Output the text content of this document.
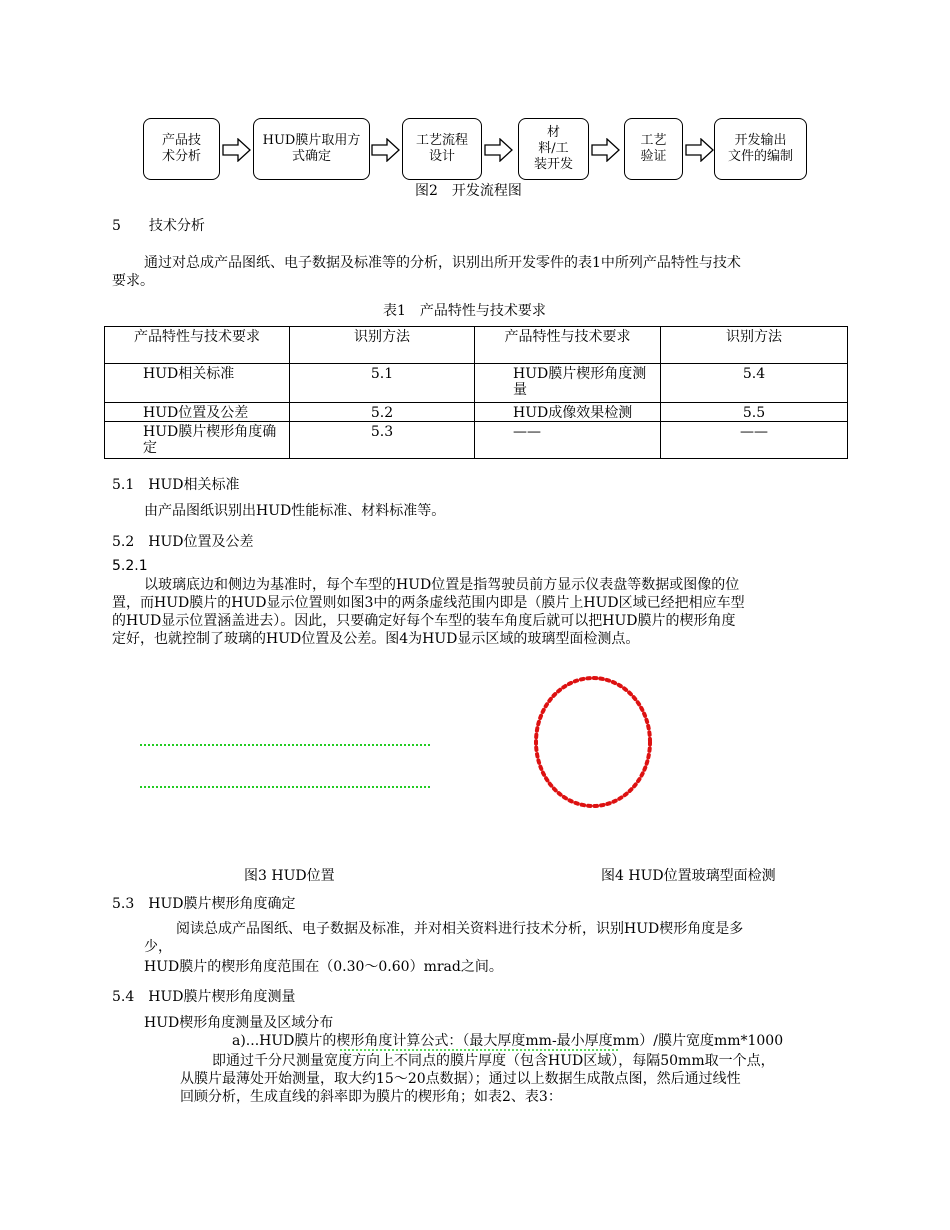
产品技
术分析
HUD膜片取用方
式确定
工艺流程
设计
材
料/工
装开发
工艺
验证
开发输出
文件的编制
图2　开发流程图
5　　技术分析
通过对总成产品图纸、电子数据及标准等的分析，识别出所开发零件的表1中所列产品特性与技术
要求。
表1　产品特性与技术要求
产品特性与技术要求	识别方法	产品特性与技术要求	识别方法
HUD相关标准	5.1	HUD膜片楔形角度测量	5.4
HUD位置及公差	5.2	HUD成像效果检测	5.5
HUD膜片楔形角度确定	5.3	——	——
5.1　HUD相关标准
由产品图纸识别出HUD性能标准、材料标准等。
5.2　HUD位置及公差
5.2.1
以玻璃底边和侧边为基准时，每个车型的HUD位置是指驾驶员前方显示仪表盘等数据或图像的位
置，而HUD膜片的HUD显示位置则如图3中的两条虚线范围内即是（膜片上HUD区域已经把相应车型
的HUD显示位置涵盖进去）。因此，只要确定好每个车型的装车角度后就可以把HUD膜片的楔形角度
定好，也就控制了玻璃的HUD位置及公差。图4为HUD显示区域的玻璃型面检测点。
图3 HUD位置	图4 HUD位置玻璃型面检测
5.3　HUD膜片楔形角度确定
阅读总成产品图纸、电子数据及标准，并对相关资料进行技术分析，识别HUD楔形角度是多
少，
HUD膜片的楔形角度范围在（0.30～0.60）mrad之间。
5.4　HUD膜片楔形角度测量
HUD楔形角度测量及区域分布
a)...HUD膜片的楔形角度计算公式：（最大厚度mm-最小厚度mm）/膜片宽度mm*1000
即通过千分尺测量宽度方向上不同点的膜片厚度（包含HUD区域），每隔50mm取一个点，
从膜片最薄处开始测量，取大约15～20点数据）；通过以上数据生成散点图，然后通过线性
回顾分析，生成直线的斜率即为膜片的楔形角；如表2、表3：
